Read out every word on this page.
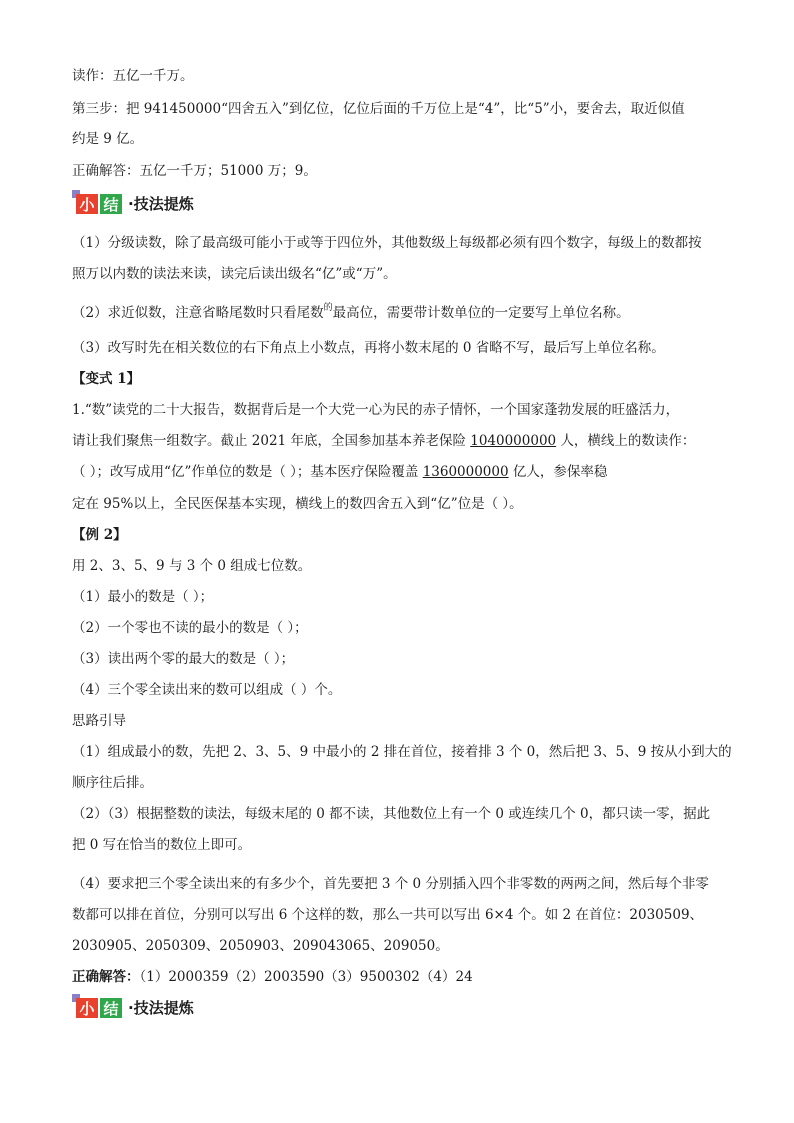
读作：五亿一千万。
第三步：把 941450000“四舍五入”到亿位，亿位后面的千万位上是“4”，比“5”小，要舍去，取近似值
约是 9 亿。
正确解答：五亿一千万；51000 万；9。
小 结 ·技法提炼
（1）分级读数，除了最高级可能小于或等于四位外，其他数级上每级都必须有四个数字，每级上的数都按
照万以内数的读法来读，读完后读出级名“亿”或“万”。
（2）求近似数，注意省略尾数时只看尾数$^的$最高位，需要带计数单位的一定要写上单位名称。
（3）改写时先在相关数位的右下角点上小数点，再将小数末尾的 0 省略不写，最后写上单位名称。
【变式 1】
1.“数”读党的二十大报告，数据背后是一个大党一心为民的赤子情怀，一个国家蓬勃发展的旺盛活力，
请让我们聚焦一组数字。截止 2021 年底，全国参加基本养老保险 1040000000 人，横线上的数读作：
（ ）；改写成用“亿”作单位的数是（ ）；基本医疗保险覆盖 1360000000 亿人，参保率稳
定在 95%以上，全民医保基本实现，横线上的数四舍五入到“亿”位是（ ）。
【例 2】
用 2、3、5、9 与 3 个 0 组成七位数。
（1）最小的数是（ ）；
（2）一个零也不读的最小的数是（ ）；
（3）读出两个零的最大的数是（ ）；
（4）三个零全读出来的数可以组成（ ）个。
思路引导
（1）组成最小的数，先把 2、3、5、9 中最小的 2 排在首位，接着排 3 个 0，然后把 3、5、9 按从小到大的
顺序往后排。
（2）（3）根据整数的读法，每级末尾的 0 都不读，其他数位上有一个 0 或连续几个 0，都只读一零，据此
把 0 写在恰当的数位上即可。
（4）要求把三个零全读出来的有多少个，首先要把 3 个 0 分别插入四个非零数的两两之间，然后每个非零
数都可以排在首位，分别可以写出 6 个这样的数，那么一共可以写出 6×4 个。如 2 在首位：2030509、
2030905、2050309、2050903、209043065、209050。
正确解答：（1）2000359（2）2003590（3）9500302（4）24
小 结 ·技法提炼
